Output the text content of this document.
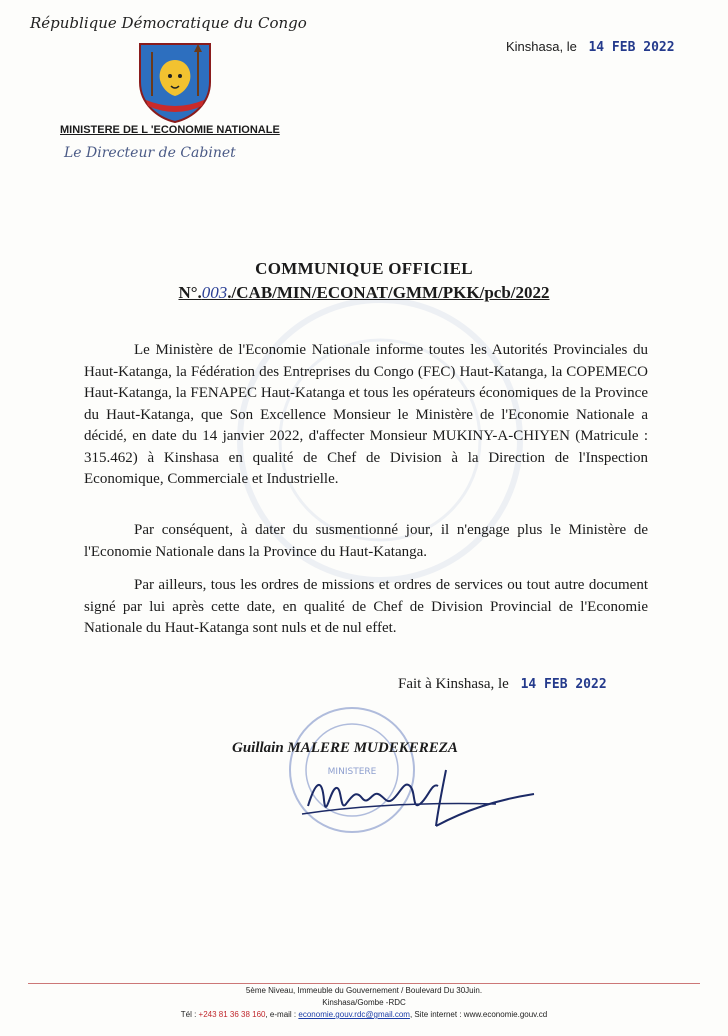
République Démocratique du Congo
MINISTERE DE L 'ECONOMIE NATIONALE
Le Directeur de Cabinet
Kinshasa, le 14 FEB 2022
COMMUNIQUE OFFICIEL
N°.003./CAB/MIN/ECONAT/GMM/PKK/pcb/2022
Le Ministère de l'Economie Nationale informe toutes les Autorités Provinciales du Haut-Katanga, la Fédération des Entreprises du Congo (FEC) Haut-Katanga, la COPEMECO Haut-Katanga, la FENAPEC Haut-Katanga et tous les opérateurs économiques de la Province du Haut-Katanga, que Son Excellence Monsieur le Ministère de l'Economie Nationale a décidé, en date du 14 janvier 2022, d'affecter Monsieur MUKINY-A-CHIYEN (Matricule : 315.462) à Kinshasa en qualité de Chef de Division à la Direction de l'Inspection Economique, Commerciale et Industrielle.
Par conséquent, à dater du susmentionné jour, il n'engage plus le Ministère de l'Economie Nationale dans la Province du Haut-Katanga.
Par ailleurs, tous les ordres de missions et ordres de services ou tout autre document signé par lui après cette date, en qualité de Chef de Division Provincial de l'Economie Nationale du Haut-Katanga sont nuls et de nul effet.
Fait à Kinshasa, le 14 FEB 2022
MINISTERE
Guillain MALERE MUDEKEREZA
5ème Niveau, Immeuble du Gouvernement / Boulevard Du 30Juin.
Kinshasa/Gombe -RDC
Tél : +243 81 36 38 160, e-mail : economie.gouv.rdc@gmail.com, Site internet : www.economie.gouv.cd
